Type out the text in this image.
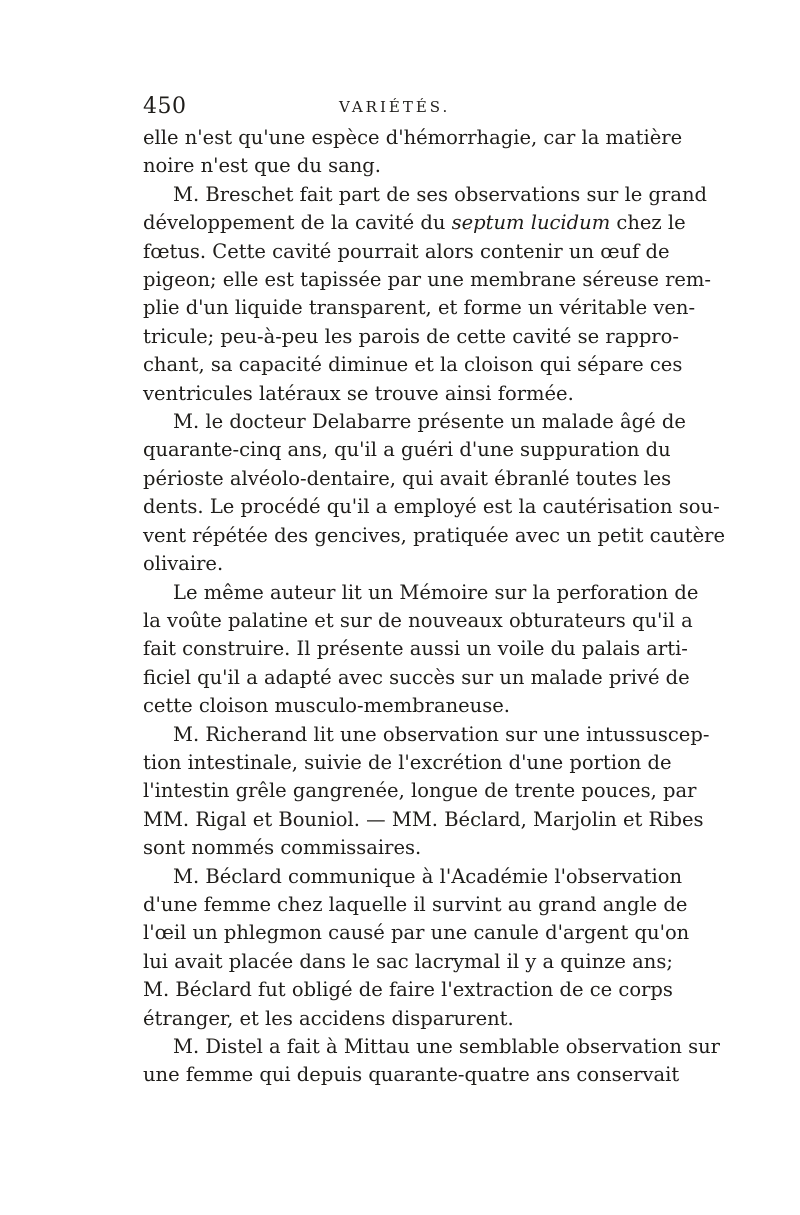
450	VARIÉTÉS.
elle n'est qu'une espèce d'hémorrhagie, car la matière
noire n'est que du sang.
M. Breschet fait part de ses observations sur le grand
développement de la cavité du septum lucidum chez le
fœtus. Cette cavité pourrait alors contenir un œuf de
pigeon; elle est tapissée par une membrane séreuse rem-
plie d'un liquide transparent, et forme un véritable ven-
tricule; peu-à-peu les parois de cette cavité se rappro-
chant, sa capacité diminue et la cloison qui sépare ces
ventricules latéraux se trouve ainsi formée.
M. le docteur Delabarre présente un malade âgé de
quarante-cinq ans, qu'il a guéri d'une suppuration du
périoste alvéolo-dentaire, qui avait ébranlé toutes les
dents. Le procédé qu'il a employé est la cautérisation sou-
vent répétée des gencives, pratiquée avec un petit cautère
olivaire.
Le même auteur lit un Mémoire sur la perforation de
la voûte palatine et sur de nouveaux obturateurs qu'il a
fait construire. Il présente aussi un voile du palais arti-
ficiel qu'il a adapté avec succès sur un malade privé de
cette cloison musculo-membraneuse.
M. Richerand lit une observation sur une intussuscep-
tion intestinale, suivie de l'excrétion d'une portion de
l'intestin grêle gangrenée, longue de trente pouces, par
MM. Rigal et Bouniol. — MM. Béclard, Marjolin et Ribes
sont nommés commissaires.
M. Béclard communique à l'Académie l'observation
d'une femme chez laquelle il survint au grand angle de
l'œil un phlegmon causé par une canule d'argent qu'on
lui avait placée dans le sac lacrymal il y a quinze ans;
M. Béclard fut obligé de faire l'extraction de ce corps
étranger, et les accidens disparurent.
M. Distel a fait à Mittau une semblable observation sur
une femme qui depuis quarante-quatre ans conservait
